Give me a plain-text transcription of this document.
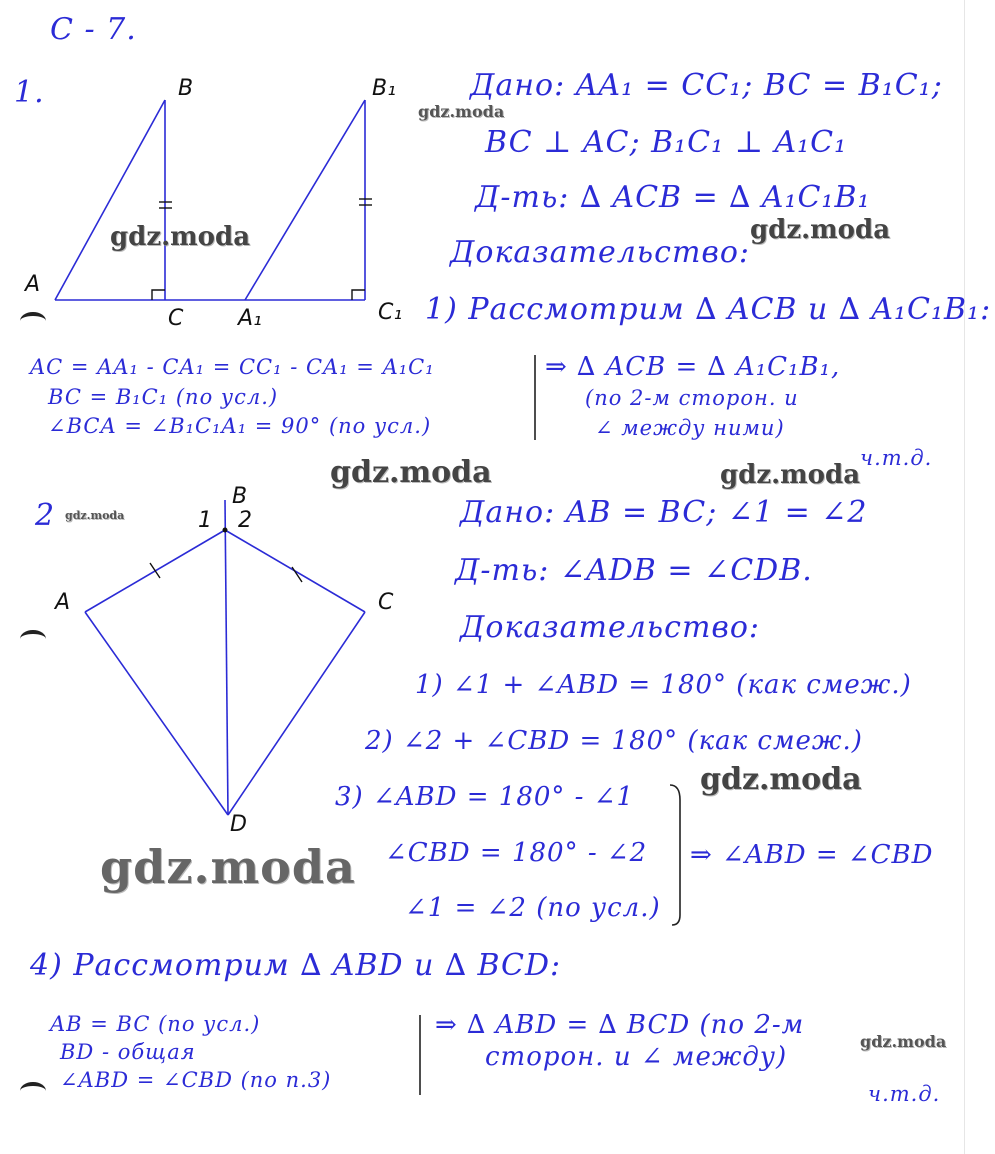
С - 7.
1.	B	B₁
A
C A₁	C₁
Дано: AA₁ = CC₁; BC = B₁C₁;
BC ⊥ AC; B₁C₁ ⊥ A₁C₁
Д-ть: ∆ ACB = ∆ A₁C₁B₁
Доказательство:
1) Рассмотрим ∆ ACB и ∆ A₁C₁B₁:
AC = AA₁ - CA₁ = CC₁ - CA₁ = A₁C₁
BC = B₁C₁ (по усл.)
∠BCA = ∠B₁C₁A₁ = 90° (по усл.)
⇒ ∆ ACB = ∆ A₁C₁B₁,
(по 2-м сторон. и
∠ между ними)
ч.т.д.
2
B
1 2
A	C
D
Дано: AB = BC; ∠1 = ∠2
Д-ть: ∠ADB = ∠CDB.
Доказательство:
1) ∠1 + ∠ABD = 180° (как смеж.)
2) ∠2 + ∠CBD = 180° (как смеж.)
3) ∠ABD = 180° - ∠1
∠CBD = 180° - ∠2
∠1 = ∠2 (по усл.)
⇒ ∠ABD = ∠CBD
4) Рассмотрим ∆ ABD и ∆ BCD:
AB = BC (по усл.)
BD - общая
∠ABD = ∠CBD (по п.3)
⇒ ∆ ABD = ∆ BCD (по 2-м
сторон. и ∠ между)
ч.т.д.
gdz.moda
gdz.moda	gdz.moda
gdz.moda	gdz.moda
gdz.moda
gdz.moda
gdz.moda
gdz.moda
